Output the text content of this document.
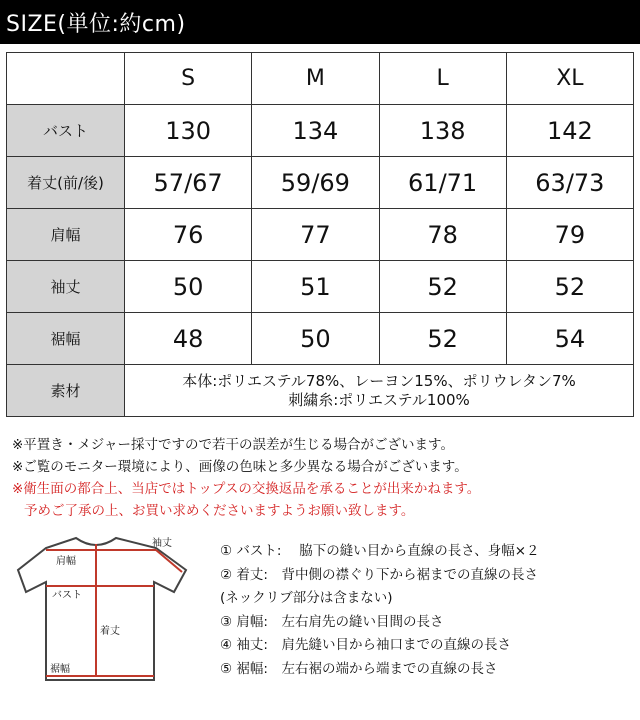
SIZE(単位:約cm)
	S	M	L	XL
バスト	130	134	138	142
着丈(前/後)	57/67	59/69	61/71	63/73
肩幅	76	77	78	79
袖丈	50	51	52	52
裾幅	48	50	52	54
素材	本体:ポリエステル78%、レーヨン15%、ポリウレタン7%
刺繍糸:ポリエステル100%			
※平置き・メジャー採寸ですので若干の誤差が生じる場合がございます。
※ご覧のモニター環境により、画像の色味と多少異なる場合がございます。
※衛生面の都合上、当店ではトップスの交換返品を承ることが出来かねます。
予めご了承の上、お買い求めくださいますようお願い致します。
肩幅
袖丈
バスト
着丈
裾幅
① バスト:　 脇下の縫い目から直線の長さ、身幅×２
② 着丈:　背中側の襟ぐり下から裾までの直線の長さ
(ネックリブ部分は含まない)
③ 肩幅:　左右肩先の縫い目間の長さ
④ 袖丈:　肩先縫い目から袖口までの直線の長さ
⑤ 裾幅:　左右裾の端から端までの直線の長さ
